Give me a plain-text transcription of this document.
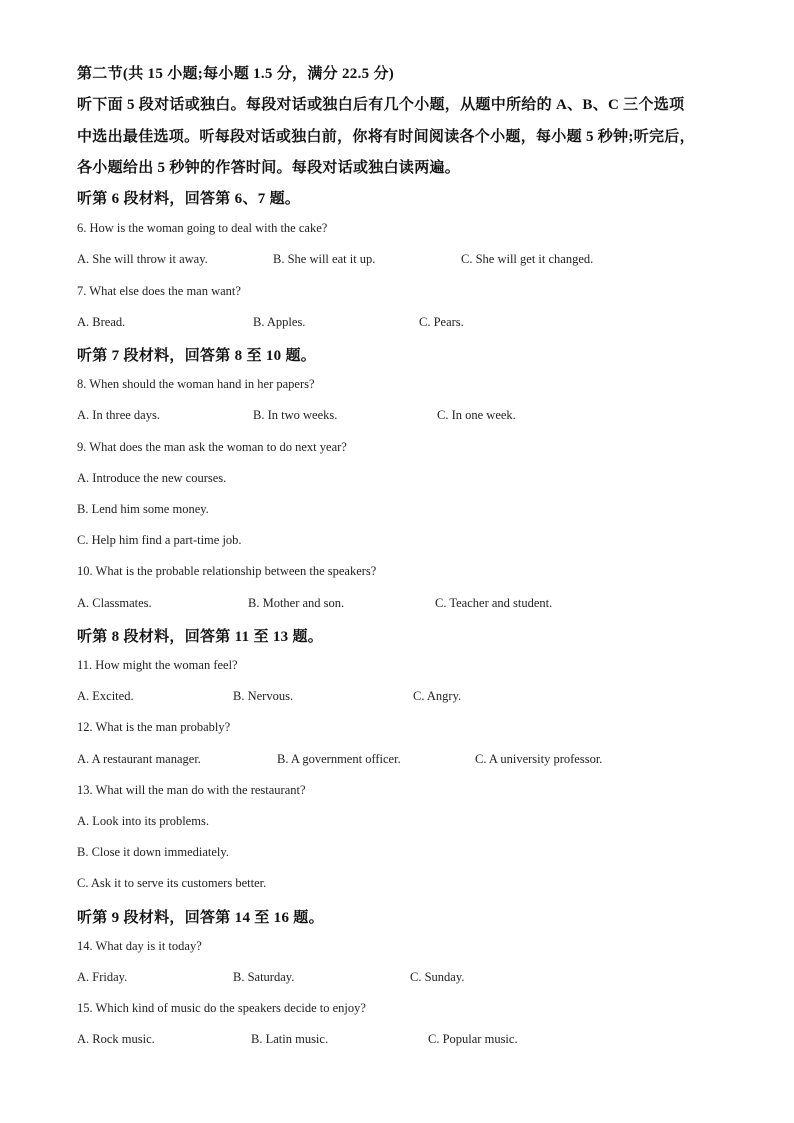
第二节(共 15 小题;每小题 1.5 分，满分 22.5 分)
听下面 5 段对话或独白。每段对话或独白后有几个小题，从题中所给的 A、B、C 三个选项
中选出最佳选项。听每段对话或独白前，你将有时间阅读各个小题，每小题 5 秒钟;听完后，
各小题给出 5 秒钟的作答时间。每段对话或独白读两遍。
听第 6 段材料，回答第 6、7 题。
6. How is the woman going to deal with the cake?
A. She will throw it away.	B. She will eat it up.	C. She will get it changed.
7. What else does the man want?
A. Bread.	B. Apples.	C. Pears.
听第 7 段材料，回答第 8 至 10 题。
8. When should the woman hand in her papers?
A. In three days.	B. In two weeks.	C. In one week.
9. What does the man ask the woman to do next year?
A. Introduce the new courses.
B. Lend him some money.
C. Help him find a part-time job.
10. What is the probable relationship between the speakers?
A. Classmates.	B. Mother and son.	C. Teacher and student.
听第 8 段材料，回答第 11 至 13 题。
11. How might the woman feel?
A. Excited.	B. Nervous.	C. Angry.
12. What is the man probably?
A. A restaurant manager.	B. A government officer.	C. A university professor.
13. What will the man do with the restaurant?
A. Look into its problems.
B. Close it down immediately.
C. Ask it to serve its customers better.
听第 9 段材料，回答第 14 至 16 题。
14. What day is it today?
A. Friday.	B. Saturday.	C. Sunday.
15. Which kind of music do the speakers decide to enjoy?
A. Rock music.	B. Latin music.	C. Popular music.
